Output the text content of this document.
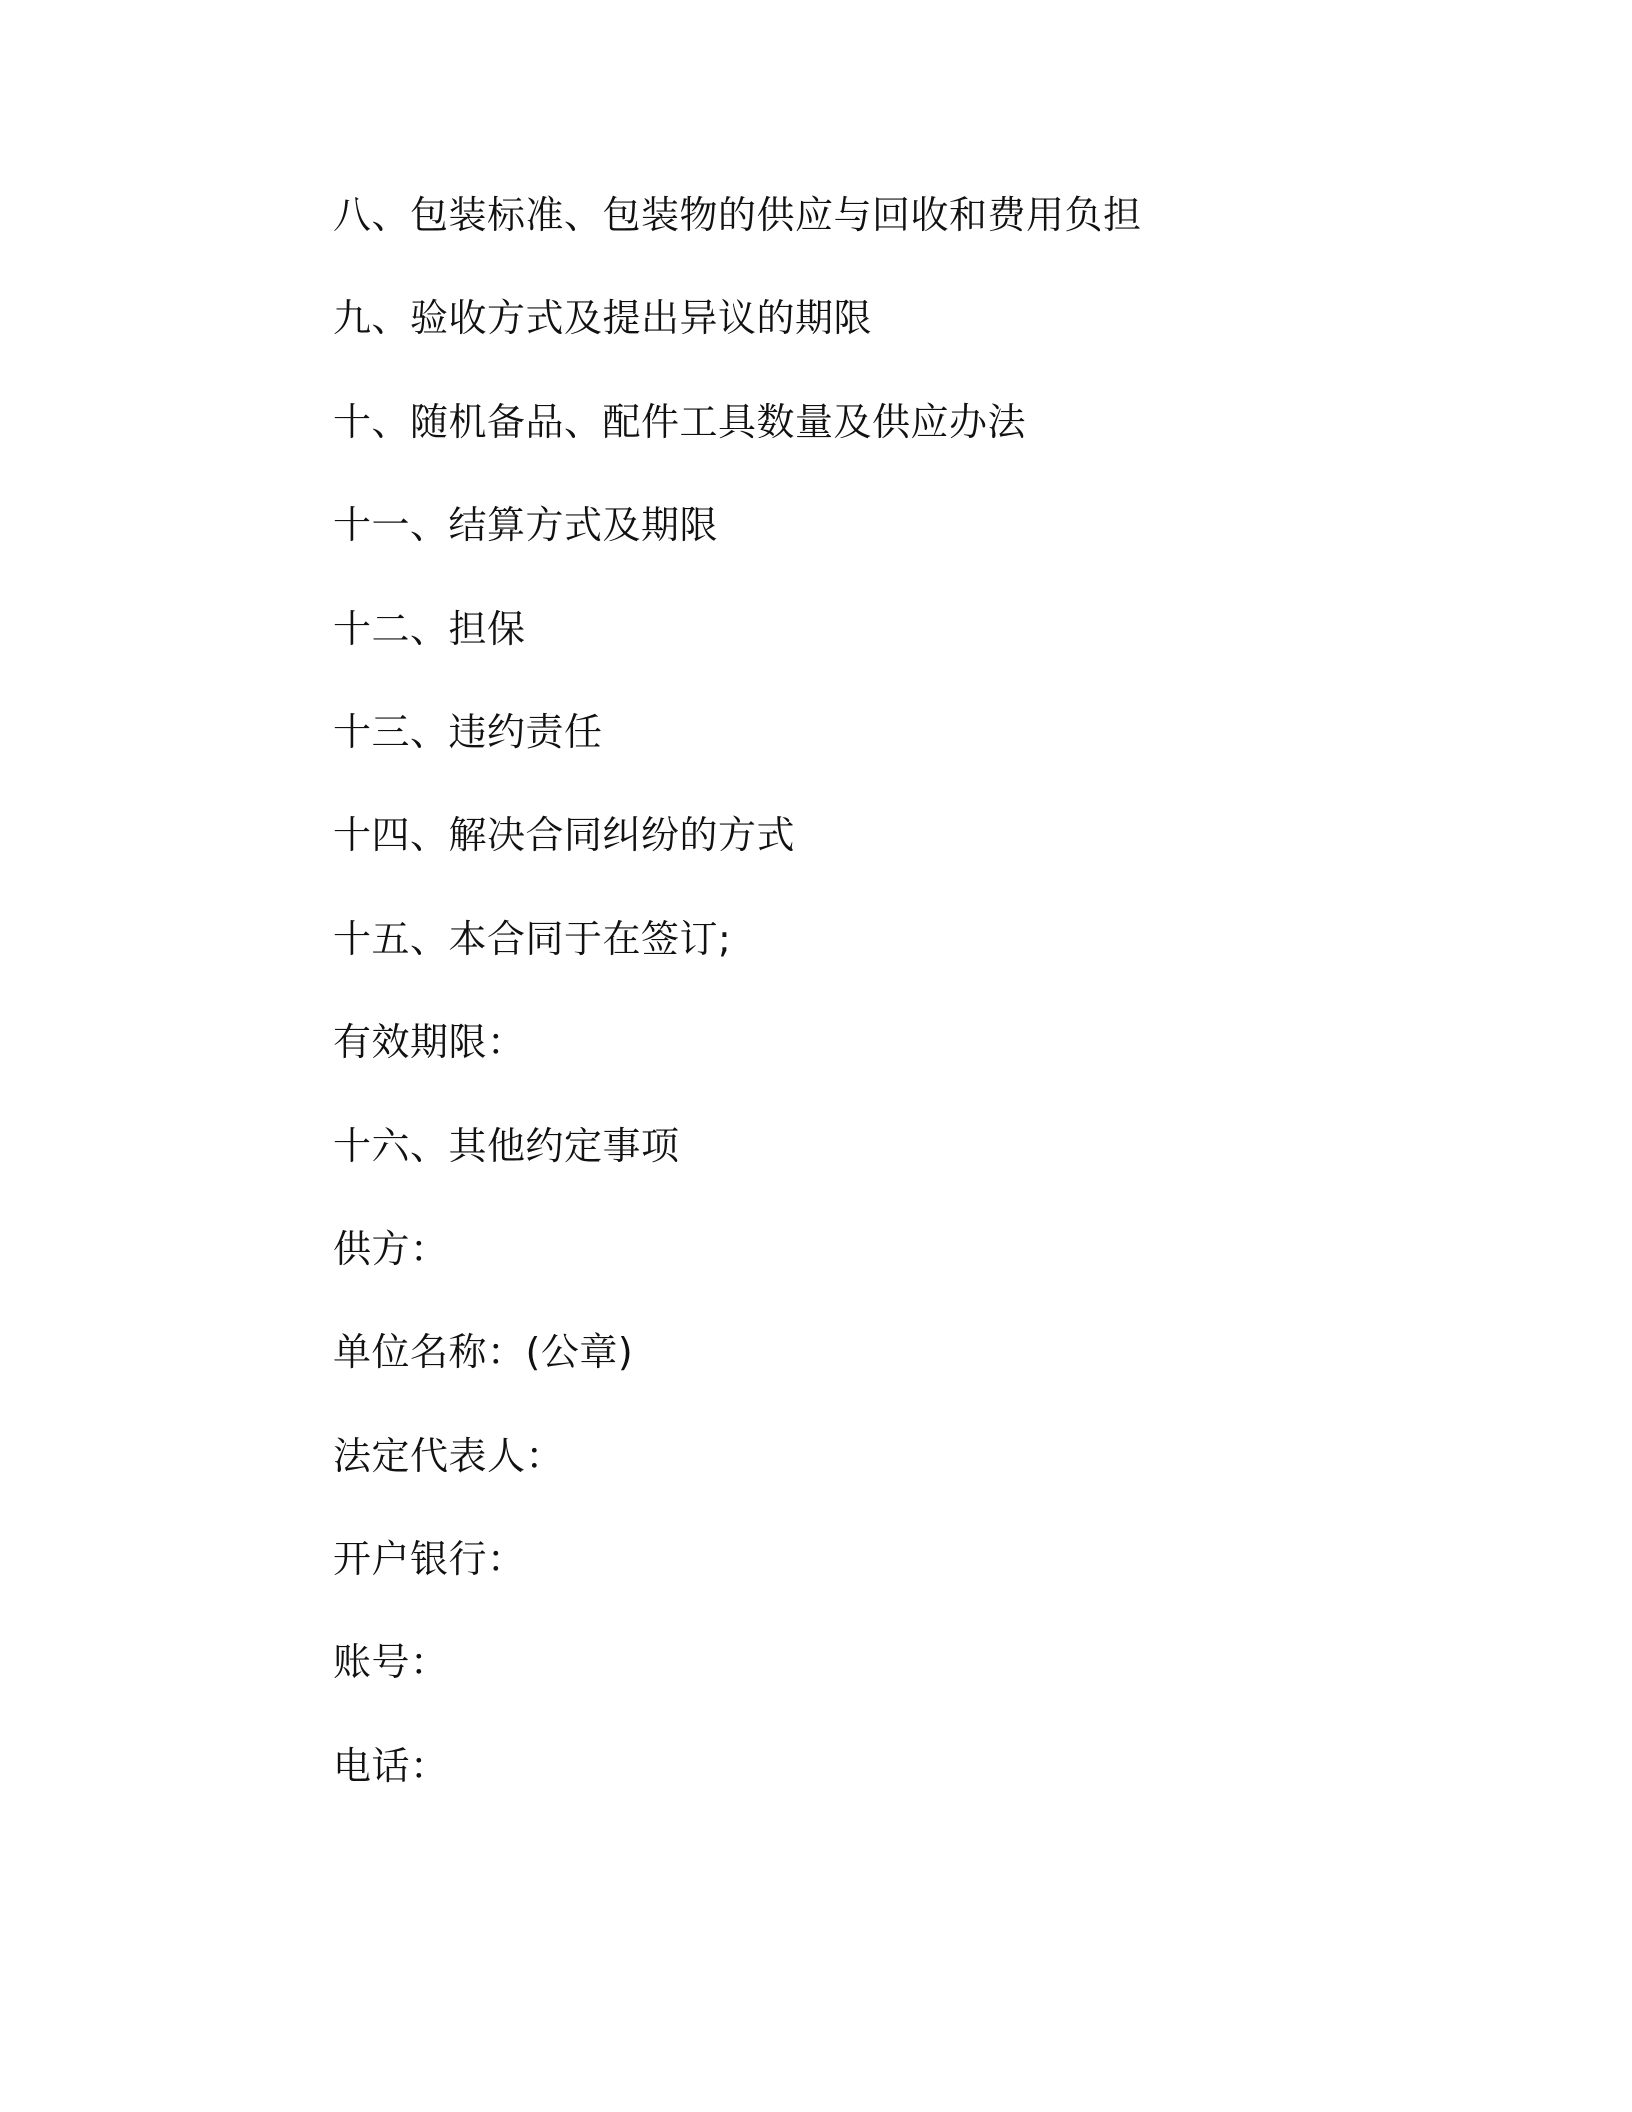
八、包装标准、包装物的供应与回收和费用负担
九、验收方式及提出异议的期限
十、随机备品、配件工具数量及供应办法
十一、结算方式及期限
十二、担保
十三、违约责任
十四、解决合同纠纷的方式
十五、本合同于在签订;
有效期限：
十六、其他约定事项
供方：
单位名称：(公章)
法定代表人：
开户银行：
账号：
电话：
